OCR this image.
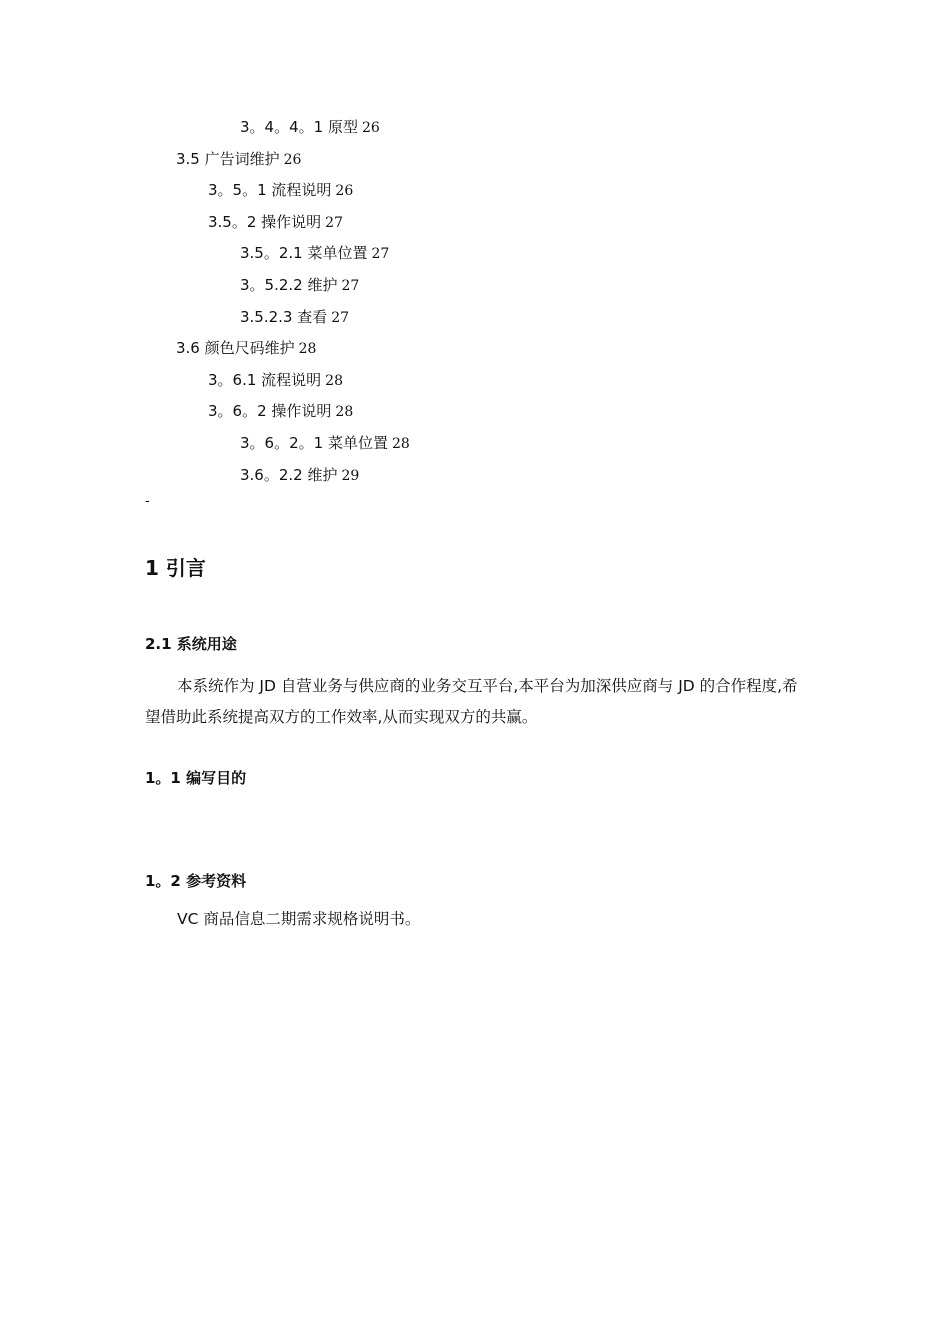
3。4。4。1 原型 26
3.5 广告词维护 26
3。5。1 流程说明 26
3.5。2 操作说明 27
3.5。2.1 菜单位置 27
3。5.2.2 维护 27
3.5.2.3 查看 27
3.6 颜色尺码维护 28
3。6.1 流程说明 28
3。6。2 操作说明 28
3。6。2。1 菜单位置 28
3.6。2.2 维护 29
-
1 引言
2.1 系统用途
本系统作为 JD 自营业务与供应商的业务交互平台,本平台为加深供应商与 JD 的合作程度,希望借助此系统提高双方的工作效率,从而实现双方的共赢。
1。1 编写目的
1。2 参考资料
VC 商品信息二期需求规格说明书。
